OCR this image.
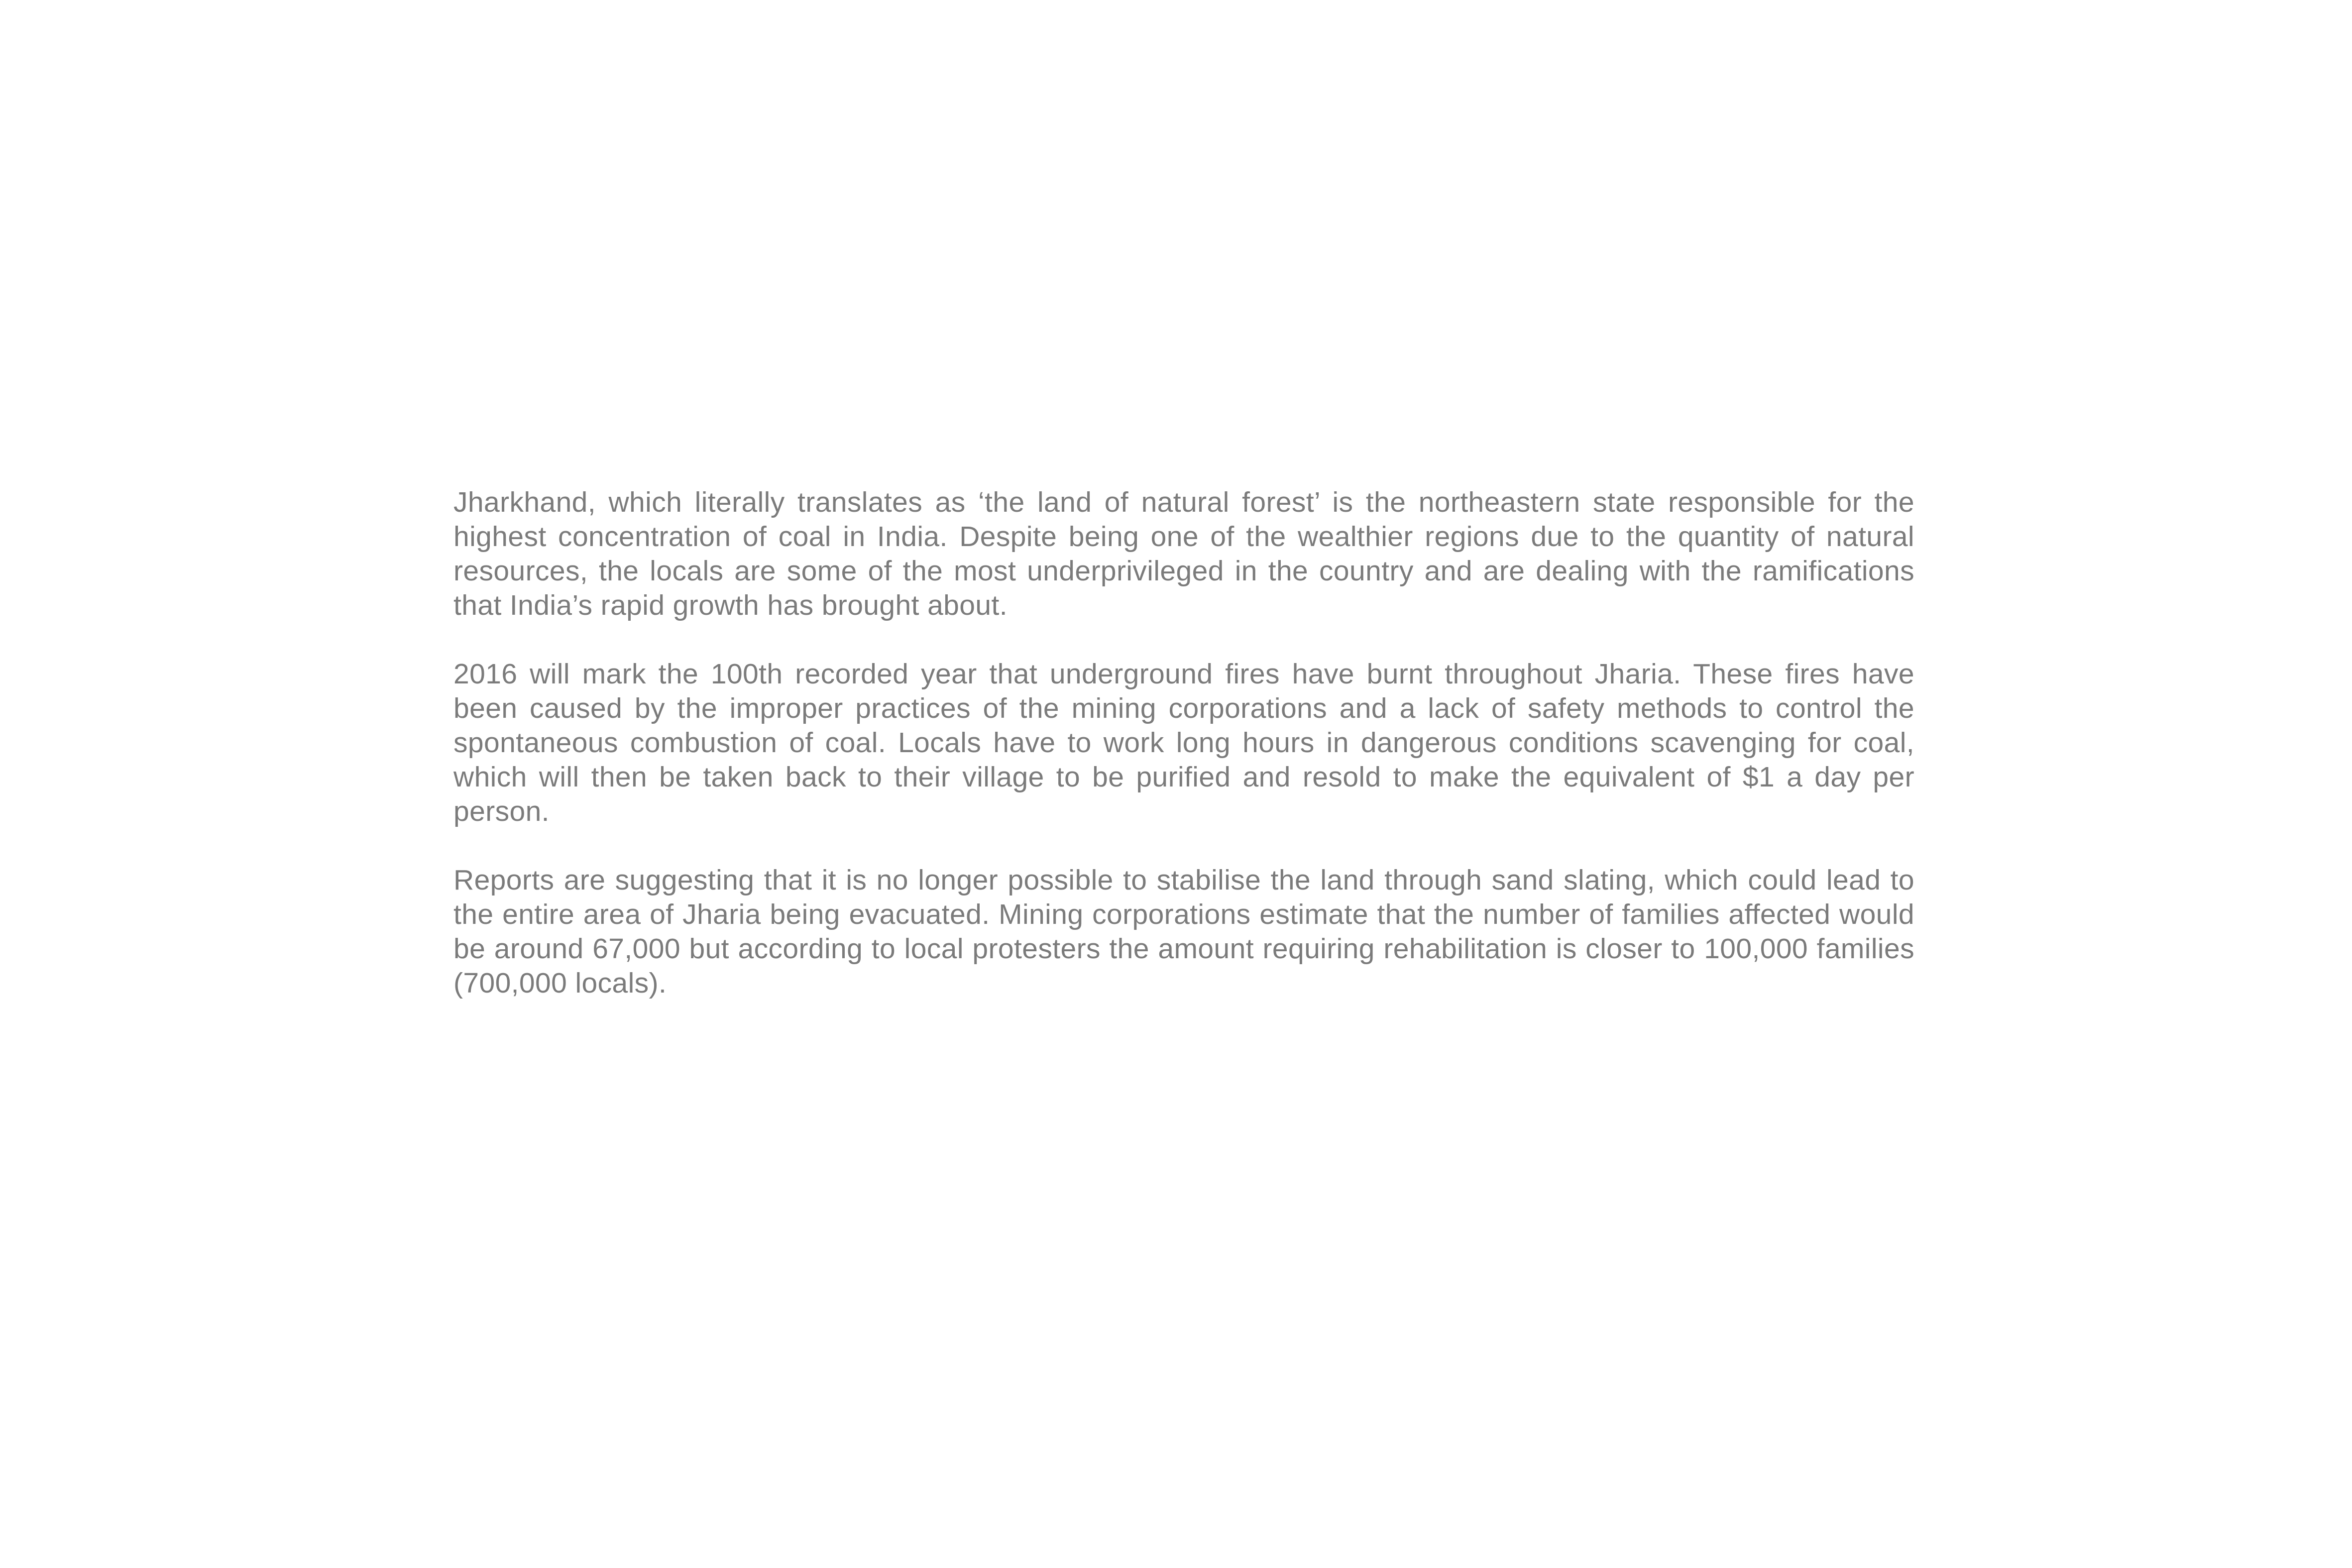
Jharkhand, which literally translates as ‘the land of natural forest’ is the northeastern state responsible for the highest concentration of coal in India. Despite being one of the wealthier regions due to the quantity of natural resources, the locals are some of the most underprivileged in the country and are dealing with the ramifications that India’s rapid growth has brought about.

2016 will mark the 100th recorded year that underground fires have burnt throughout Jharia. These fires have been caused by the improper practices of the mining corporations and a lack of safety methods to control the spontaneous combustion of coal. Locals have to work long hours in dangerous conditions scavenging for coal, which will then be taken back to their village to be purified and resold to make the equivalent of $1 a day per person.

Reports are suggesting that it is no longer possible to stabilise the land through sand slating, which could lead to the entire area of Jharia being evacuated. Mining corporations estimate that the number of families affected would be around 67,000 but according to local protesters the amount requiring rehabilitation is closer to 100,000 families (700,000 locals).
